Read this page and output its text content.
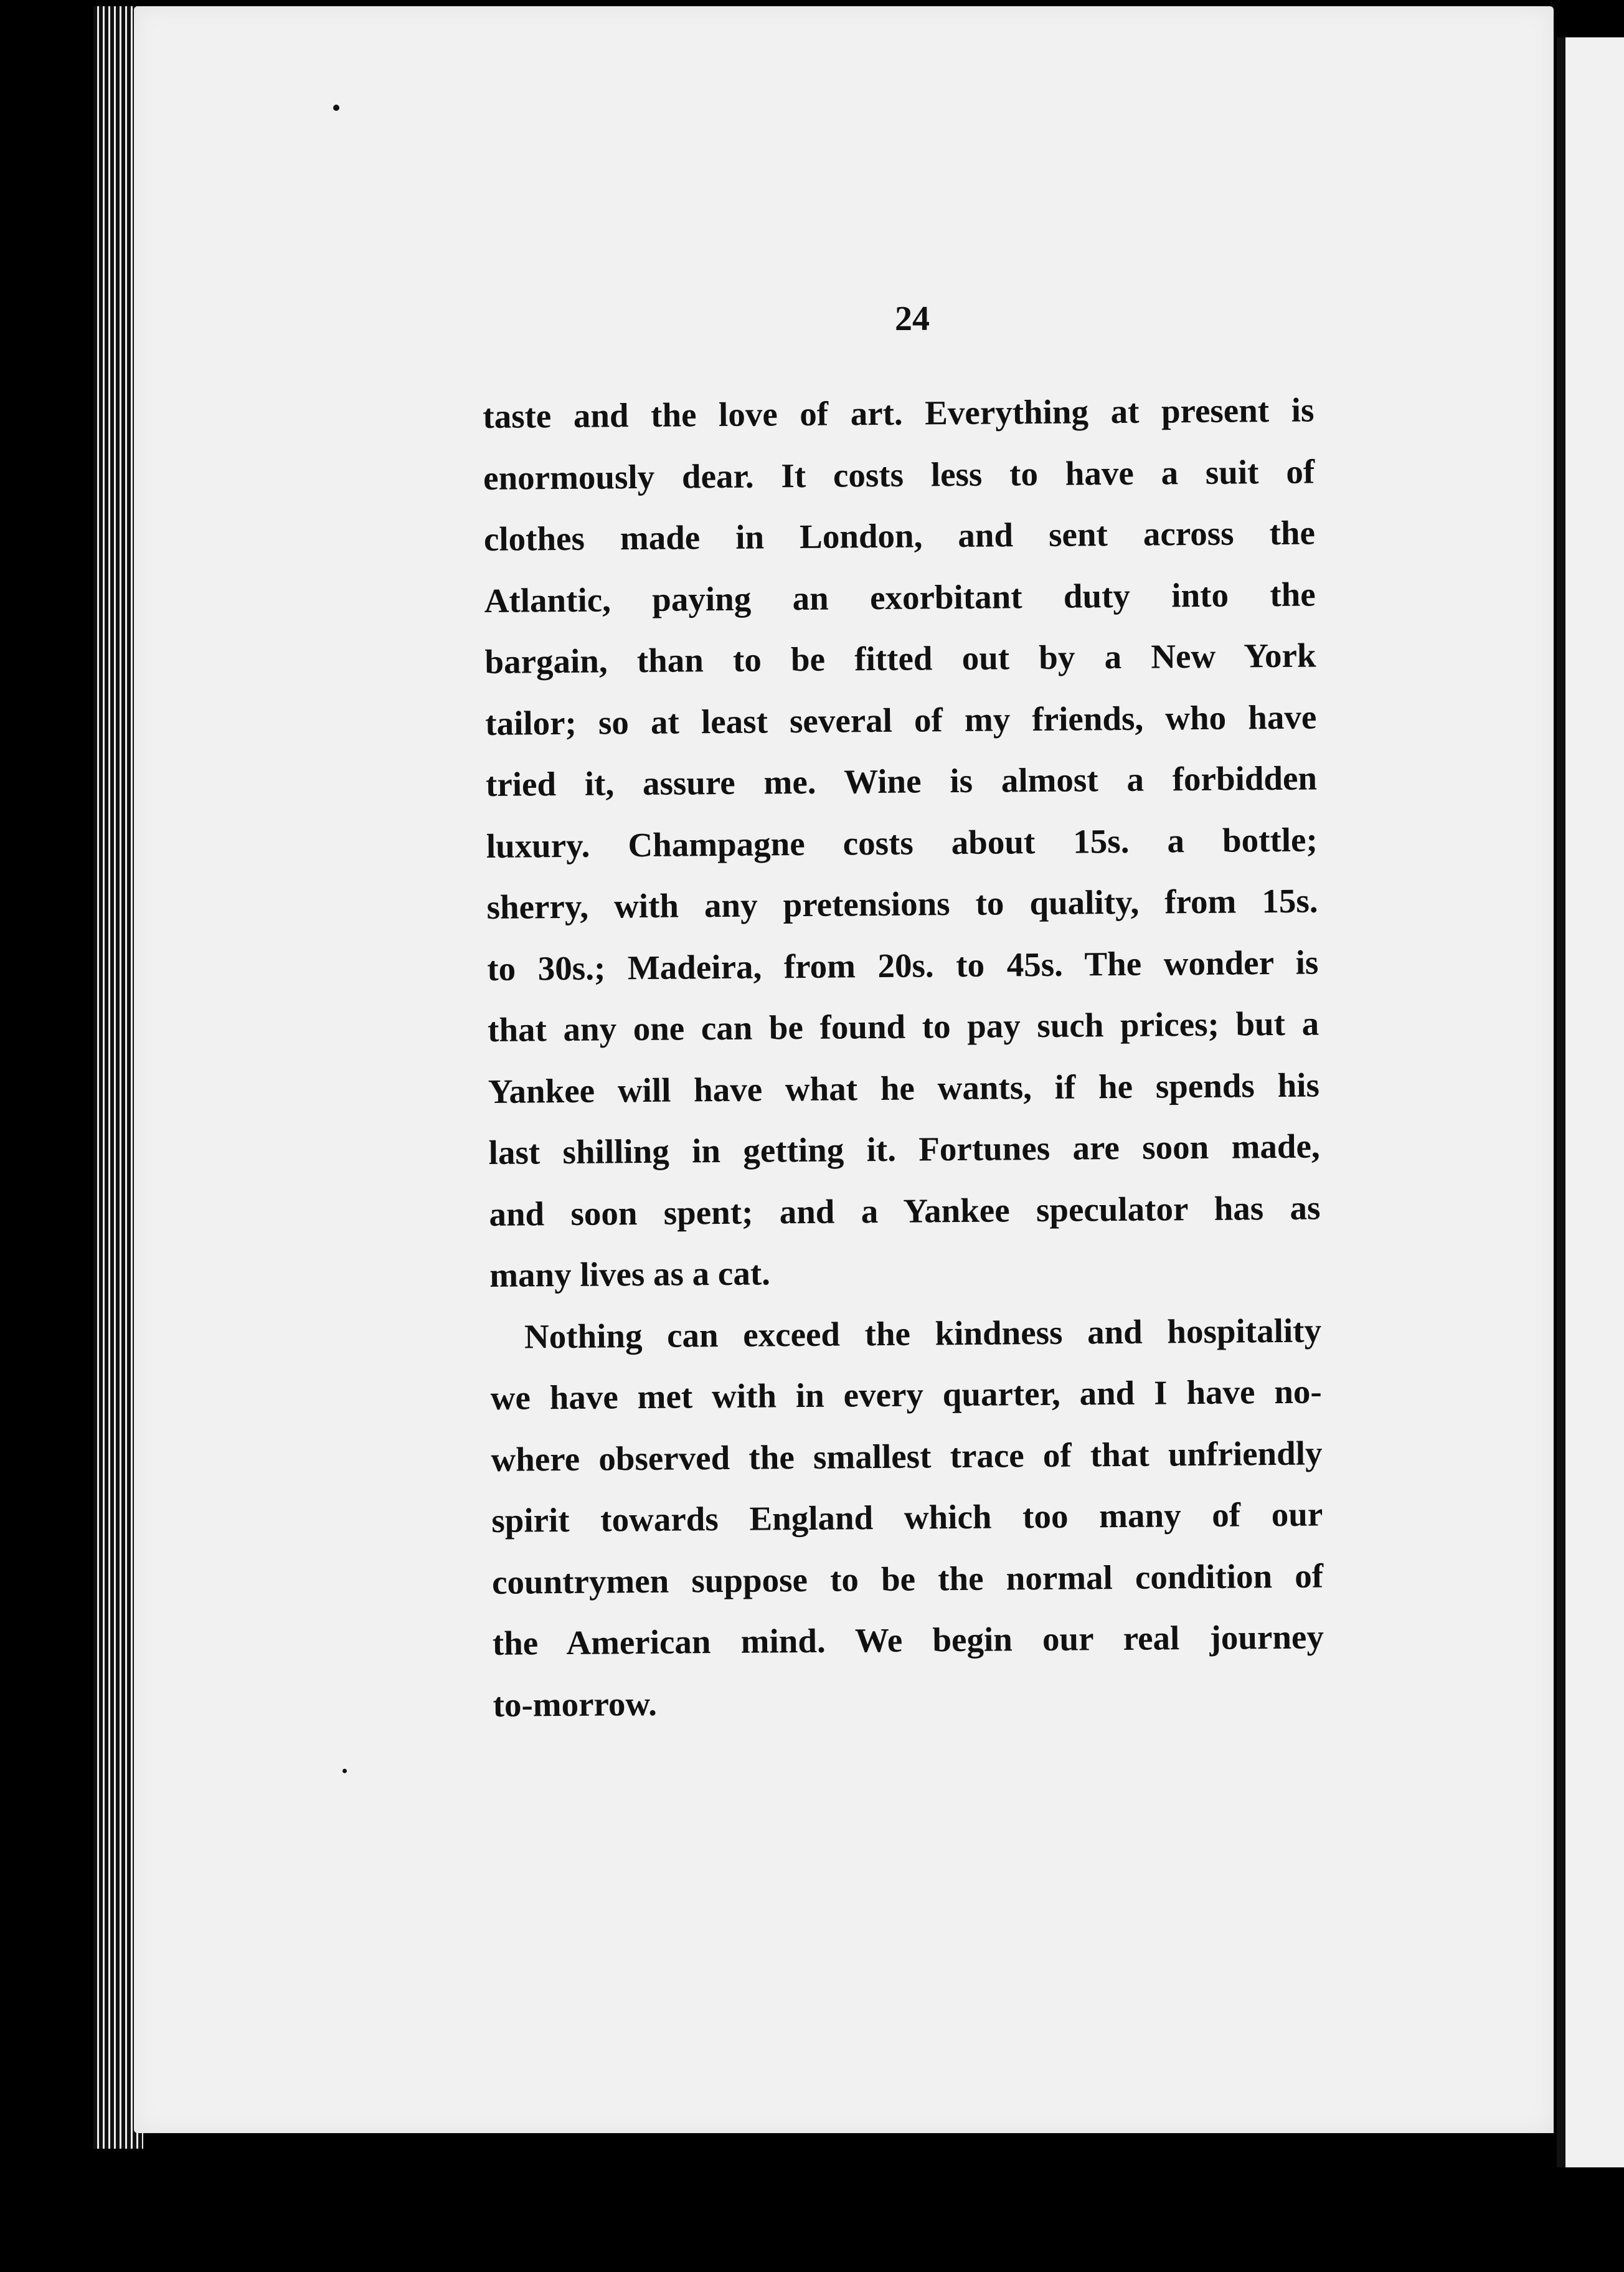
24
taste and the love of art. Everything at present is
enormously dear. It costs less to have a suit of
clothes made in London, and sent across the
Atlantic, paying an exorbitant duty into the
bargain, than to be fitted out by a New York
tailor; so at least several of my friends, who have
tried it, assure me. Wine is almost a forbidden
luxury. Champagne costs about 15s. a bottle;
sherry, with any pretensions to quality, from 15s.
to 30s.; Madeira, from 20s. to 45s. The wonder is
that any one can be found to pay such prices; but a
Yankee will have what he wants, if he spends his
last shilling in getting it. Fortunes are soon made,
and soon spent; and a Yankee speculator has as
many lives as a cat.
Nothing can exceed the kindness and hospitality
we have met with in every quarter, and I have no-
where observed the smallest trace of that unfriendly
spirit towards England which too many of our
countrymen suppose to be the normal condition of
the American mind. We begin our real journey
to-morrow.
